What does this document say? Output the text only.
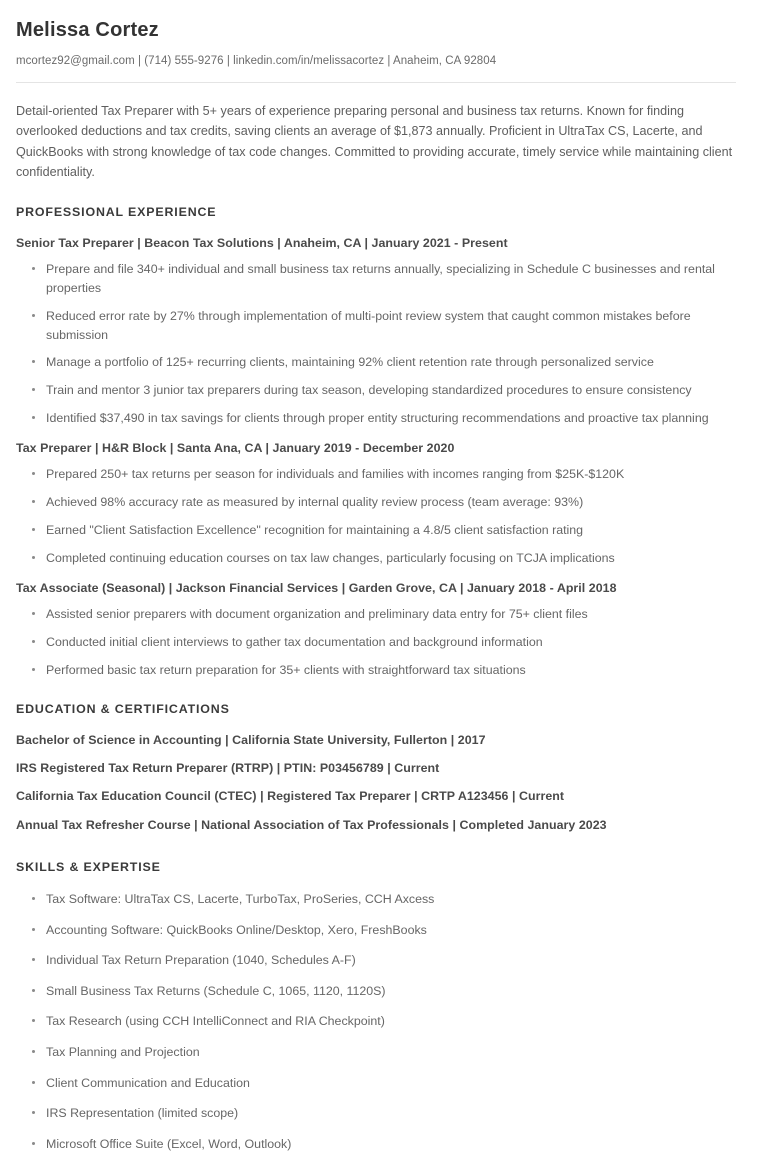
Melissa Cortez
mcortez92@gmail.com | (714) 555-9276 | linkedin.com/in/melissacortez | Anaheim, CA 92804

Detail-oriented Tax Preparer with 5+ years of experience preparing personal and business tax returns. Known for finding overlooked deductions and tax credits, saving clients an average of $1,873 annually. Proficient in UltraTax CS, Lacerte, and QuickBooks with strong knowledge of tax code changes. Committed to providing accurate, timely service while maintaining client confidentiality.

PROFESSIONAL EXPERIENCE
Senior Tax Preparer | Beacon Tax Solutions | Anaheim, CA | January 2021 - Present
Prepare and file 340+ individual and small business tax returns annually, specializing in Schedule C businesses and rental properties
Reduced error rate by 27% through implementation of multi-point review system that caught common mistakes before submission
Manage a portfolio of 125+ recurring clients, maintaining 92% client retention rate through personalized service
Train and mentor 3 junior tax preparers during tax season, developing standardized procedures to ensure consistency
Identified $37,490 in tax savings for clients through proper entity structuring recommendations and proactive tax planning
Tax Preparer | H&R Block | Santa Ana, CA | January 2019 - December 2020
Prepared 250+ tax returns per season for individuals and families with incomes ranging from $25K-$120K
Achieved 98% accuracy rate as measured by internal quality review process (team average: 93%)
Earned "Client Satisfaction Excellence" recognition for maintaining a 4.8/5 client satisfaction rating
Completed continuing education courses on tax law changes, particularly focusing on TCJA implications
Tax Associate (Seasonal) | Jackson Financial Services | Garden Grove, CA | January 2018 - April 2018
Assisted senior preparers with document organization and preliminary data entry for 75+ client files
Conducted initial client interviews to gather tax documentation and background information
Performed basic tax return preparation for 35+ clients with straightforward tax situations
EDUCATION & CERTIFICATIONS
Bachelor of Science in Accounting | California State University, Fullerton | 2017
IRS Registered Tax Return Preparer (RTRP) | PTIN: P03456789 | Current
California Tax Education Council (CTEC) | Registered Tax Preparer | CRTP A123456 | Current
Annual Tax Refresher Course | National Association of Tax Professionals | Completed January 2023
SKILLS & EXPERTISE
Tax Software: UltraTax CS, Lacerte, TurboTax, ProSeries, CCH Axcess
Accounting Software: QuickBooks Online/Desktop, Xero, FreshBooks
Individual Tax Return Preparation (1040, Schedules A-F)
Small Business Tax Returns (Schedule C, 1065, 1120, 1120S)
Tax Research (using CCH IntelliConnect and RIA Checkpoint)
Tax Planning and Projection
Client Communication and Education
IRS Representation (limited scope)
Microsoft Office Suite (Excel, Word, Outlook)
